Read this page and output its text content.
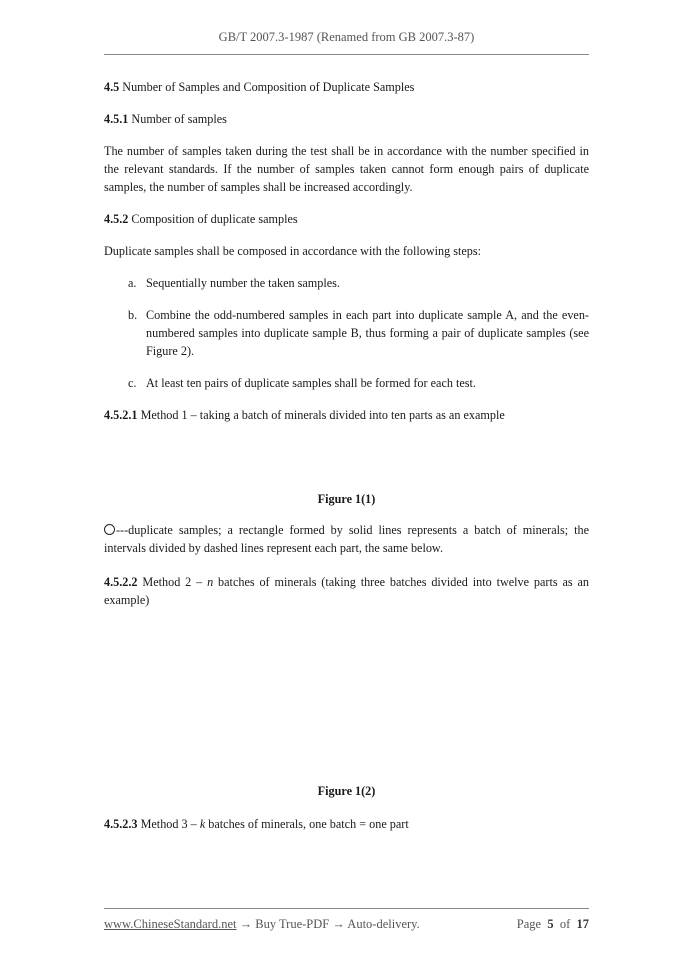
GB/T 2007.3-1987 (Renamed from GB 2007.3-87)

4.5 Number of Samples and Composition of Duplicate Samples

4.5.1 Number of samples

The number of samples taken during the test shall be in accordance with the number specified in the relevant standards. If the number of samples taken cannot form enough pairs of duplicate samples, the number of samples shall be increased accordingly.

4.5.2 Composition of duplicate samples

Duplicate samples shall be composed in accordance with the following steps:

a. Sequentially number the taken samples.
b. Combine the odd-numbered samples in each part into duplicate sample A, and the even-numbered samples into duplicate sample B, thus forming a pair of duplicate samples (see Figure 2).
c. At least ten pairs of duplicate samples shall be formed for each test.

4.5.2.1 Method 1 – taking a batch of minerals divided into ten parts as an example

Figure 1(1)

---duplicate samples; a rectangle formed by solid lines represents a batch of minerals; the intervals divided by dashed lines represent each part, the same below.

4.5.2.2 Method 2 – n batches of minerals (taking three batches divided into twelve parts as an example)

Figure 1(2)

4.5.2.3 Method 3 – k batches of minerals, one batch = one part

www.ChineseStandard.net → Buy True-PDF → Auto-delivery.	Page 5 of 17
